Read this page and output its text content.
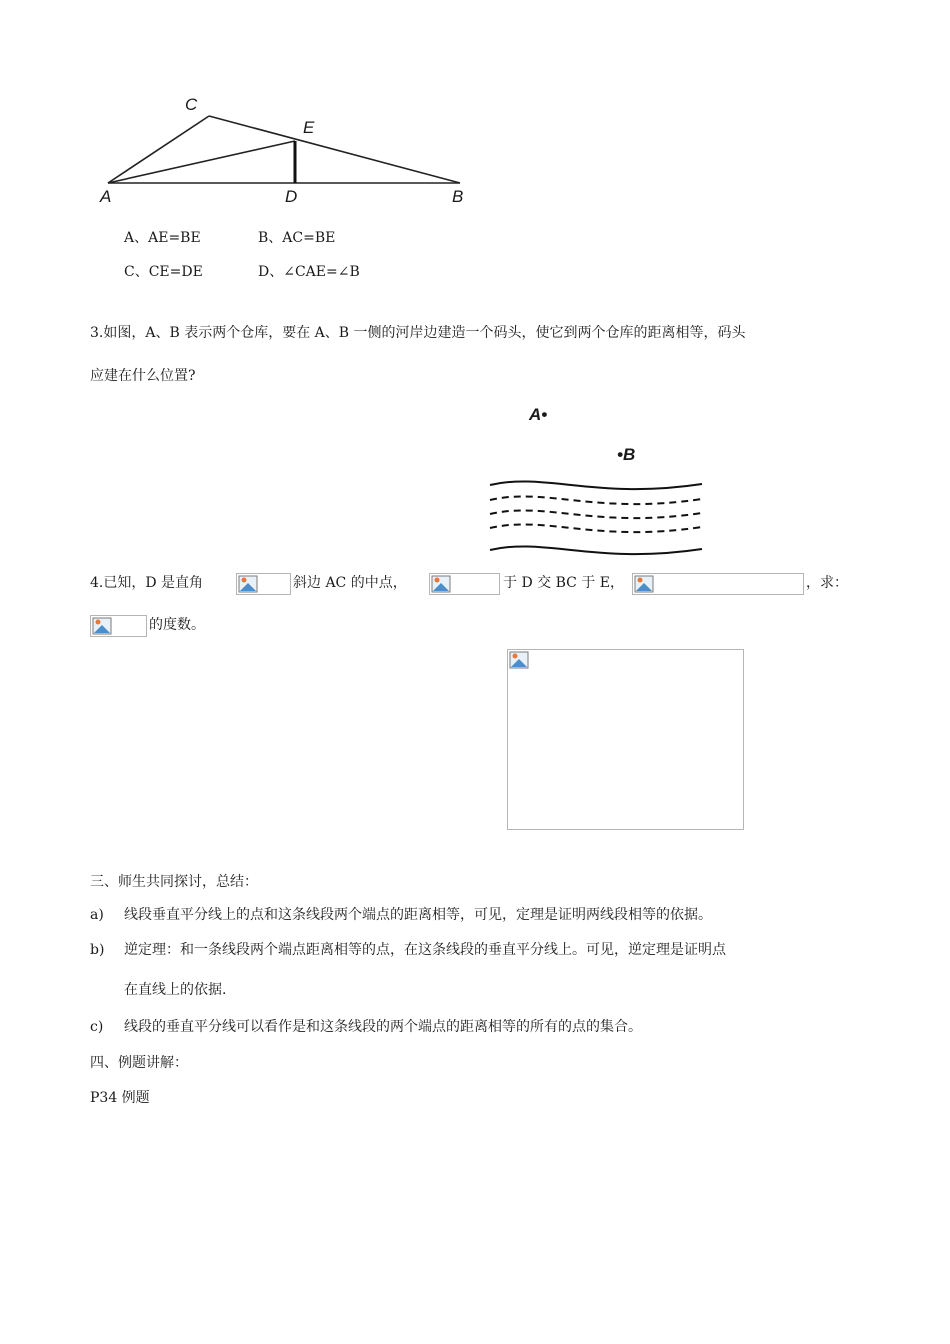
C
E
A	D	B
A、AE=BE	B、AC=BE
C、CE=DE	D、∠CAE=∠B
3.如图，A、B 表示两个仓库，要在 A、B 一侧的河岸边建造一个码头，使它到两个仓库的距离相等，码头
应建在什么位置?
A•
•B
4.已知，D 是直角	斜边 AC 的中点，	于 D 交 BC 于 E，	，求：
的度数。
三、师生共同探讨，总结：
a) 线段垂直平分线上的点和这条线段两个端点的距离相等，可见，定理是证明两线段相等的依据。
b) 逆定理：和一条线段两个端点距离相等的点，在这条线段的垂直平分线上。可见，逆定理是证明点
在直线上的依据.
c) 线段的垂直平分线可以看作是和这条线段的两个端点的距离相等的所有的点的集合。
四、例题讲解：
P34 例题
